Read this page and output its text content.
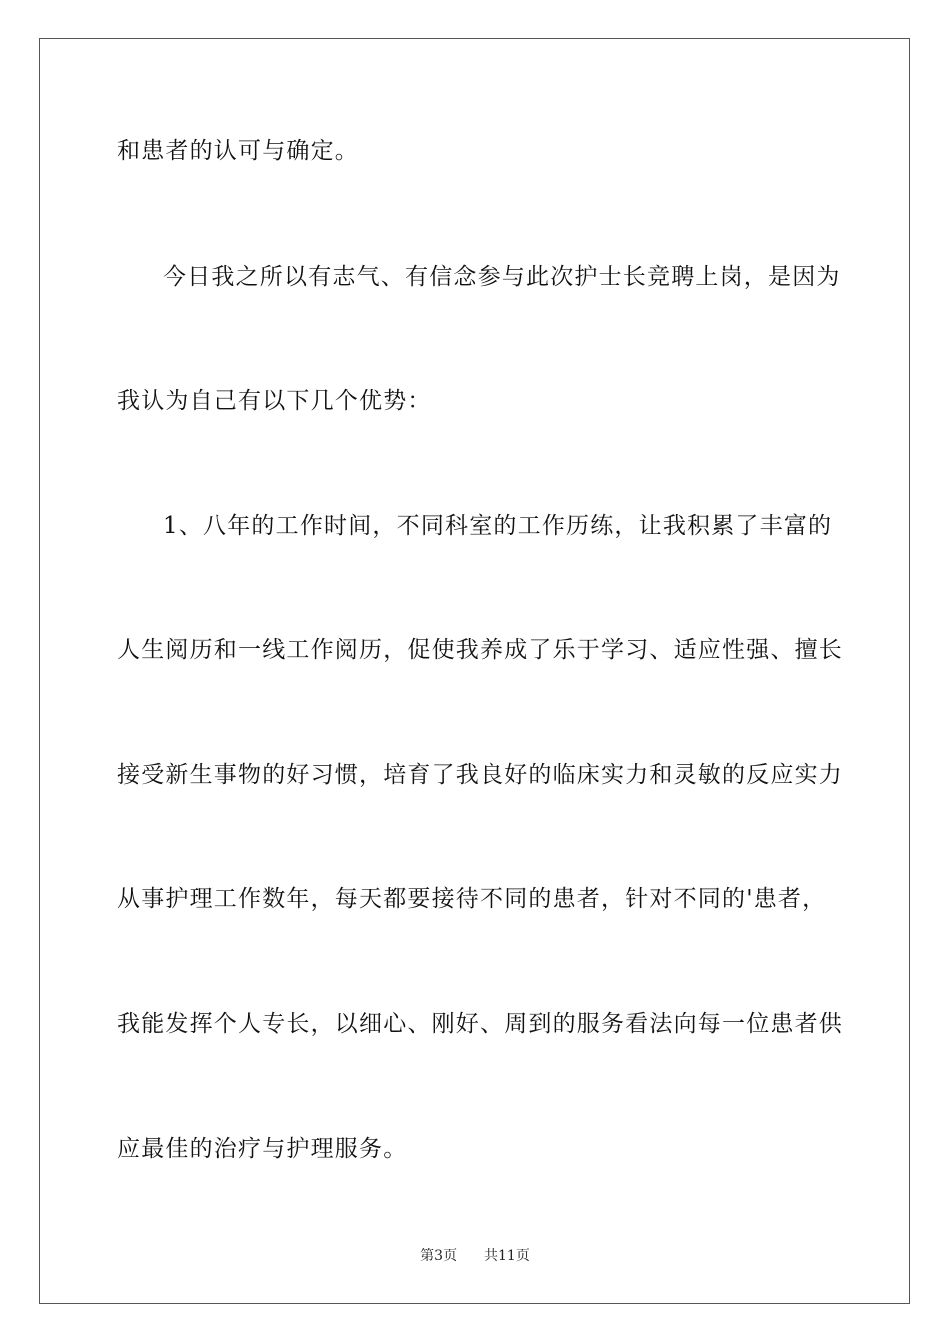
和患者的认可与确定。
今日我之所以有志气、有信念参与此次护士长竞聘上岗，是因为
我认为自己有以下几个优势：
1、八年的工作时间，不同科室的工作历练，让我积累了丰富的
人生阅历和一线工作阅历，促使我养成了乐于学习、适应性强、擅长
接受新生事物的好习惯，培育了我良好的临床实力和灵敏的反应实力
从事护理工作数年，每天都要接待不同的患者，针对不同的'患者，
我能发挥个人专长，以细心、刚好、周到的服务看法向每一位患者供
应最佳的治疗与护理服务。
第3页 共11页
